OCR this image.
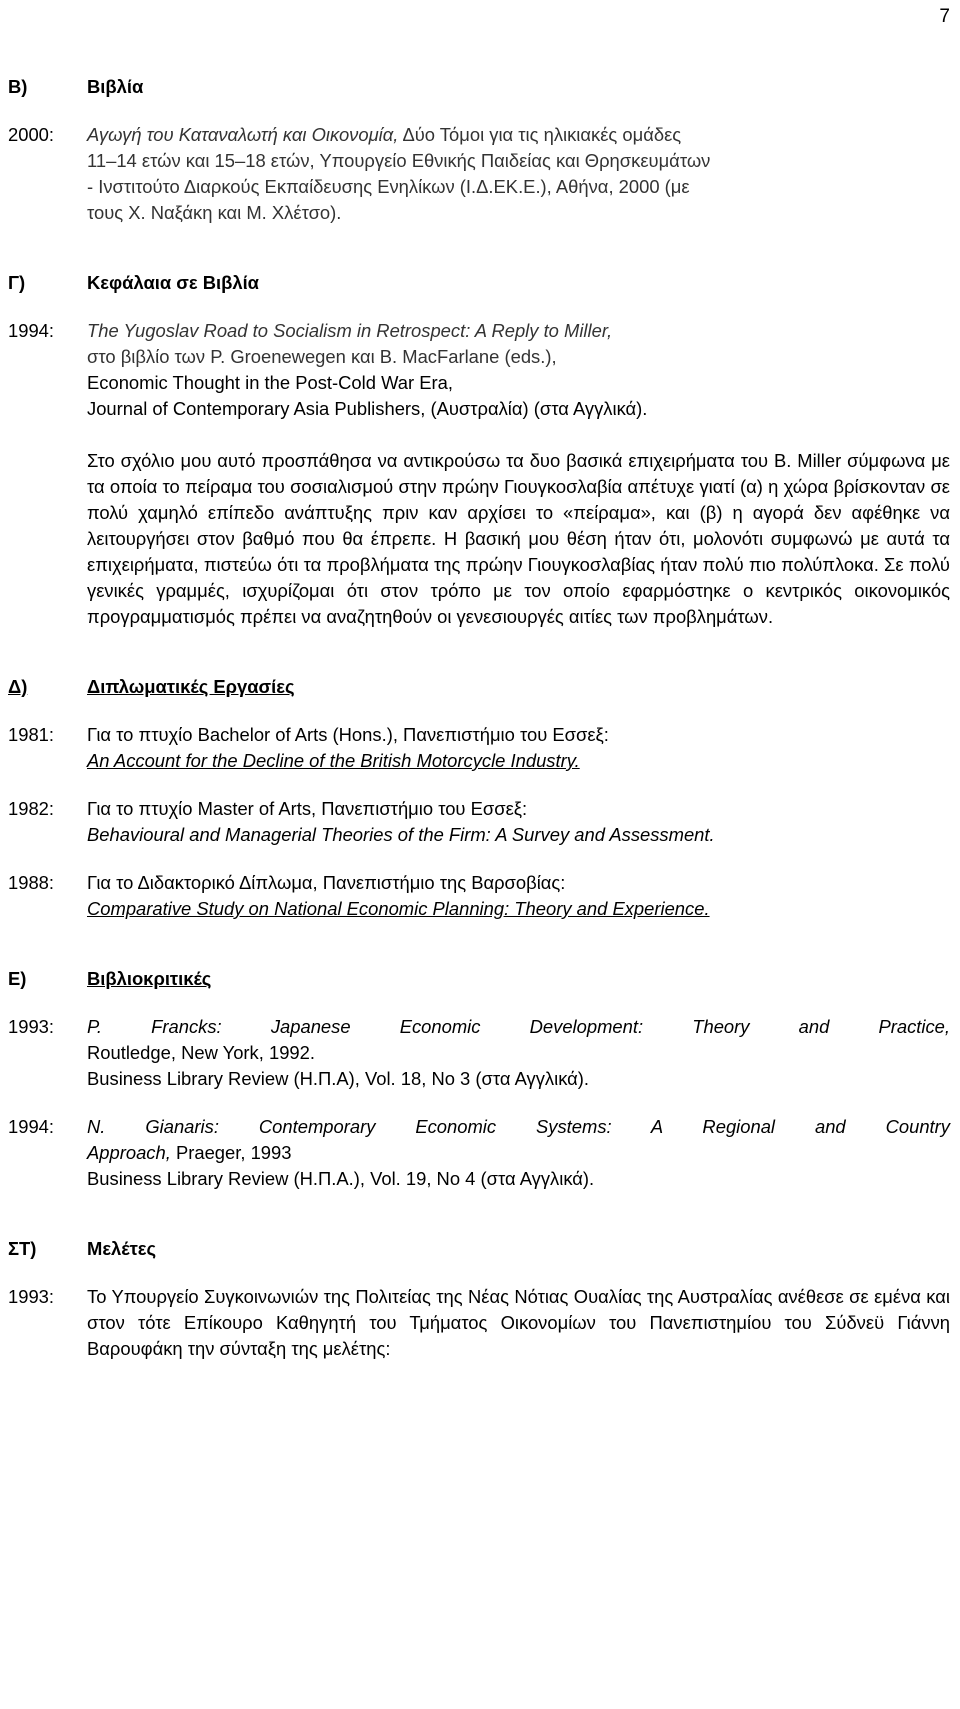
7
Β)	Βιβλία
2000:	Αγωγή του Καταναλωτή και Οικονομία, Δύο Τόμοι για τις ηλικιακές ομάδες
11–14 ετών και 15–18 ετών, Υπουργείο Εθνικής Παιδείας και Θρησκευμάτων
- Ινστιτούτο Διαρκούς Εκπαίδευσης Ενηλίκων (Ι.Δ.ΕΚ.Ε.), Αθήνα, 2000 (με
τους Χ. Ναξάκη και Μ. Χλέτσο).
Γ)	Κεφάλαια σε Βιβλία
1994:	The Yugoslav Road to Socialism in Retrospect: A Reply to Miller,
στο βιβλίο των P. Groenewegen και B. MacFarlane (eds.),
Economic Thought in the Post-Cold War Era,
Journal of Contemporary Asia Publishers, (Αυστραλία) (στα Αγγλικά).
Στο σχόλιο μου αυτό προσπάθησα να αντικρούσω τα δυο βασικά επιχειρήματα του B. Miller σύμφωνα με τα οποία το πείραμα του σοσιαλισμού στην πρώην Γιουγκοσλαβία απέτυχε γιατί (α) η χώρα βρίσκονταν σε πολύ χαμηλό επίπεδο ανάπτυξης πριν καν αρχίσει το «πείραμα», και (β) η αγορά δεν αφέθηκε να λειτουργήσει στον βαθμό που θα έπρεπε. Η βασική μου θέση ήταν ότι, μολονότι συμφωνώ με αυτά τα επιχειρήματα, πιστεύω ότι τα προβλήματα της πρώην Γιουγκοσλαβίας ήταν πολύ πιο πολύπλοκα. Σε πολύ γενικές γραμμές, ισχυρίζομαι ότι στον τρόπο με τον οποίο εφαρμόστηκε ο κεντρικός οικονομικός προγραμματισμός πρέπει να αναζητηθούν οι γενεσιουργές αιτίες των προβλημάτων.
Δ)	Διπλωματικές Εργασίες
1981:	Για το πτυχίο Bachelor of Arts (Hons.), Πανεπιστήμιο του Εσσεξ:
An Account for the Decline of the British Motorcycle Industry.
1982:	Για το πτυχίο Master of Arts, Πανεπιστήμιο του Εσσεξ:
Behavioural and Managerial Theories of the Firm: A Survey and Assessment.
1988:	Για το Διδακτορικό Δίπλωμα, Πανεπιστήμιο της Βαρσοβίας:
Comparative Study on National Economic Planning: Theory and Experience.
Ε)	Βιβλιοκριτικές
1993:	P. Francks: Japanese Economic Development: Theory and Practice,
Routledge, New York, 1992.
Business Library Review (Η.Π.Α), Vol. 18, No 3 (στα Αγγλικά).
1994:	N. Gianaris: Contemporary Economic Systems: A Regional and Country
Approach, Praeger, 1993
Business Library Review (Η.Π.Α.), Vol. 19, No 4 (στα Αγγλικά).
ΣΤ)	Μελέτες
1993:	Το Υπουργείο Συγκοινωνιών της Πολιτείας της Νέας Νότιας Ουαλίας της Αυστραλίας ανέθεσε σε εμένα και στον τότε Επίκουρο Καθηγητή του Τμήματος Οικονομίων του Πανεπιστημίου του Σύδνεϋ Γιάννη Βαρουφάκη την σύνταξη της μελέτης:
